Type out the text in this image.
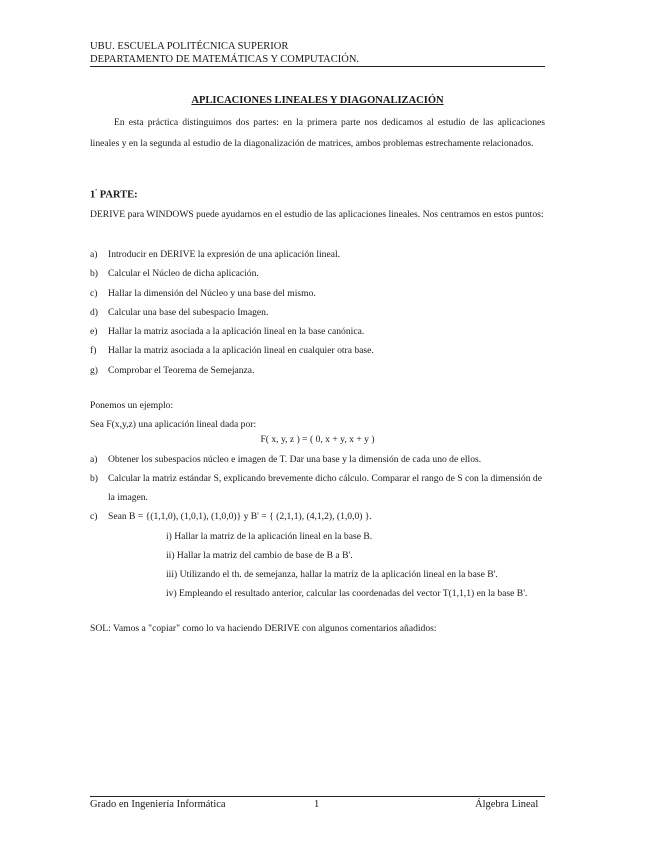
UBU. ESCUELA POLITÉCNICA SUPERIOR
DEPARTAMENTO DE MATEMÁTICAS Y COMPUTACIÓN.
APLICACIONES LINEALES Y DIAGONALIZACIÓN
En esta práctica distinguimos dos partes: en la primera parte nos dedicamos al estudio de las aplicaciones lineales y en la segunda al estudio de la diagonalización de matrices, ambos problemas estrechamente relacionados.
$1^ª$ PARTE:
DERIVE para WINDOWS puede ayudarnos en el estudio de las aplicaciones lineales. Nos centramos en estos puntos:
a) Introducir en DERIVE la expresión de una aplicación lineal.
b) Calcular el Núcleo de dicha aplicación.
c) Hallar la dimensión del Núcleo y una base del mismo.
d) Calcular una base del subespacio Imagen.
e) Hallar la matriz asociada a la aplicación lineal en la base canónica.
f) Hallar la matriz asociada a la aplicación lineal en cualquier otra base.
g) Comprobar el Teorema de Semejanza.
Ponemos un ejemplo:
Sea F(x,y,z) una aplicación lineal dada por:
F( x, y, z ) = ( 0, x + y, x + y )
a) Obtener los subespacios núcleo e imagen de T. Dar una base y la dimensión de cada uno de ellos.
b) Calcular la matriz estándar S, explicando brevemente dicho cálculo. Comparar el rango de S con la dimensión de la imagen.
c) Sean B = {(1,1,0), (1,0,1), (1,0,0)} y B' = { (2,1,1), (4,1,2), (1,0,0) }.
i) Hallar la matriz de la aplicación lineal en la base B.
ii) Hallar la matriz del cambio de base de B a B'.
iii) Utilizando el th. de semejanza, hallar la matriz de la aplicación lineal en la base B'.
iv) Empleando el resultado anterior, calcular las coordenadas del vector T(1,1,1) en la base B'.
SOL: Vamos a "copiar" como lo va haciendo DERIVE con algunos comentarios añadidos:
Grado en Ingeniería Informática	1	Álgebra Lineal
